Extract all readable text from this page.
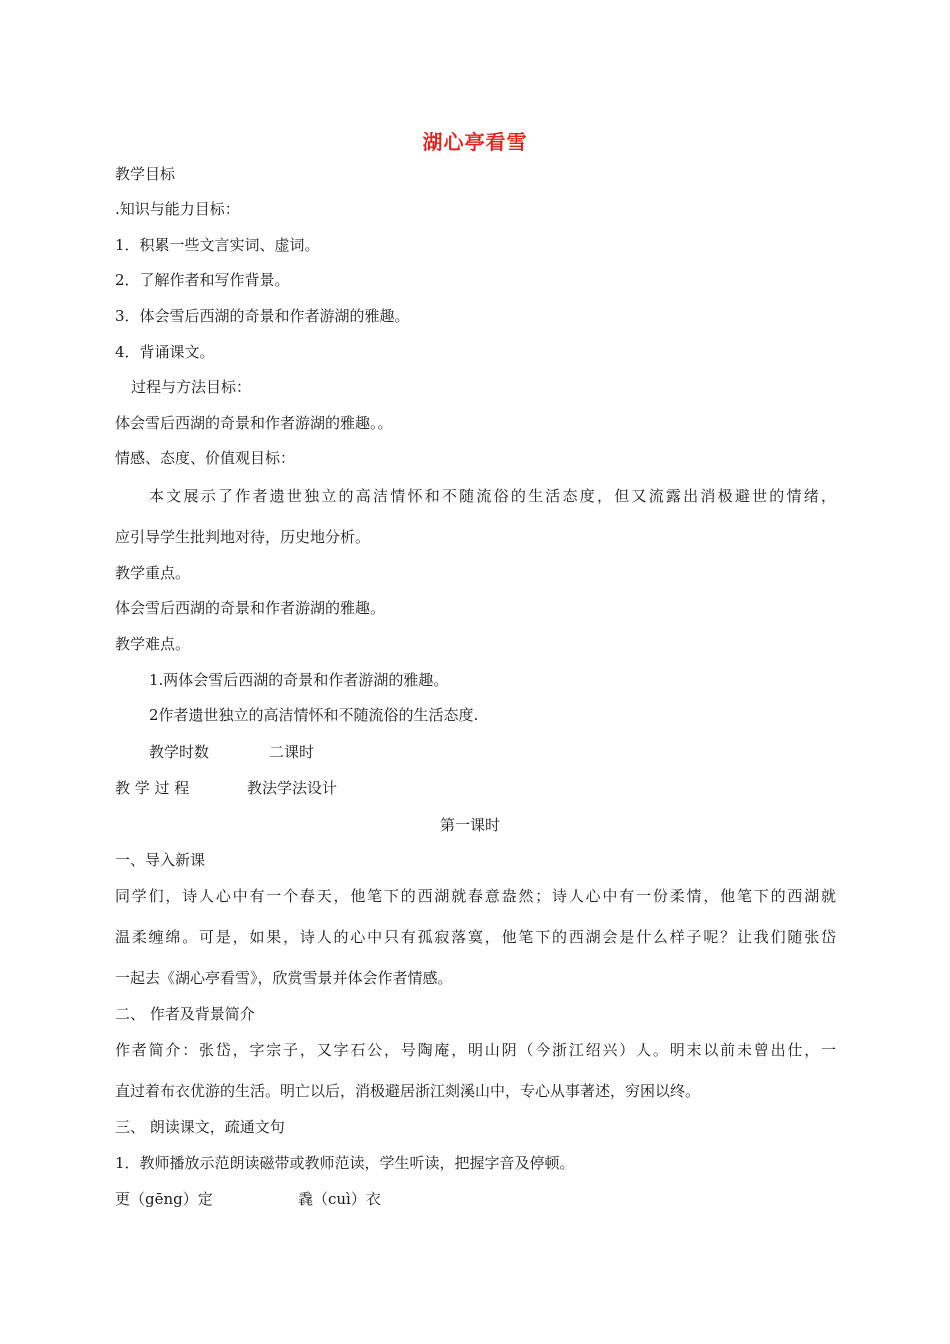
湖心亭看雪
教学目标
.知识与能力目标：
1．积累一些文言实词、虚词。
2．了解作者和写作背景。
3．体会雪后西湖的奇景和作者游湖的雅趣。
4．背诵课文。
过程与方法目标：
体会雪后西湖的奇景和作者游湖的雅趣。。
情感、态度、价值观目标：
本文展示了作者遗世独立的高洁情怀和不随流俗的生活态度，但又流露出消极避世的情绪，
应引导学生批判地对待，历史地分析。
教学重点。
体会雪后西湖的奇景和作者游湖的雅趣。
教学难点。
1.两体会雪后西湖的奇景和作者游湖的雅趣。
2作者遗世独立的高洁情怀和不随流俗的生活态度.
教学时数	二课时
教 学 过 程	教法学法设计
第一课时
一、导入新课
同学们，诗人心中有一个春天，他笔下的西湖就春意盎然；诗人心中有一份柔情，他笔下的西湖就
温柔缠绵。可是，如果，诗人的心中只有孤寂落寞，他笔下的西湖会是什么样子呢？让我们随张岱
一起去《湖心亭看雪》，欣赏雪景并体会作者情感。
二、 作者及背景简介
作者简介：张岱，字宗子，又字石公，号陶庵，明山阴（今浙江绍兴）人。明末以前未曾出仕，一
直过着布衣优游的生活。明亡以后，消极避居浙江剡溪山中，专心从事著述，穷困以终。
三、 朗读课文，疏通文句
1．教师播放示范朗读磁带或教师范读，学生听读，把握字音及停顿。
更（gēng）定	毳（cuì）衣
